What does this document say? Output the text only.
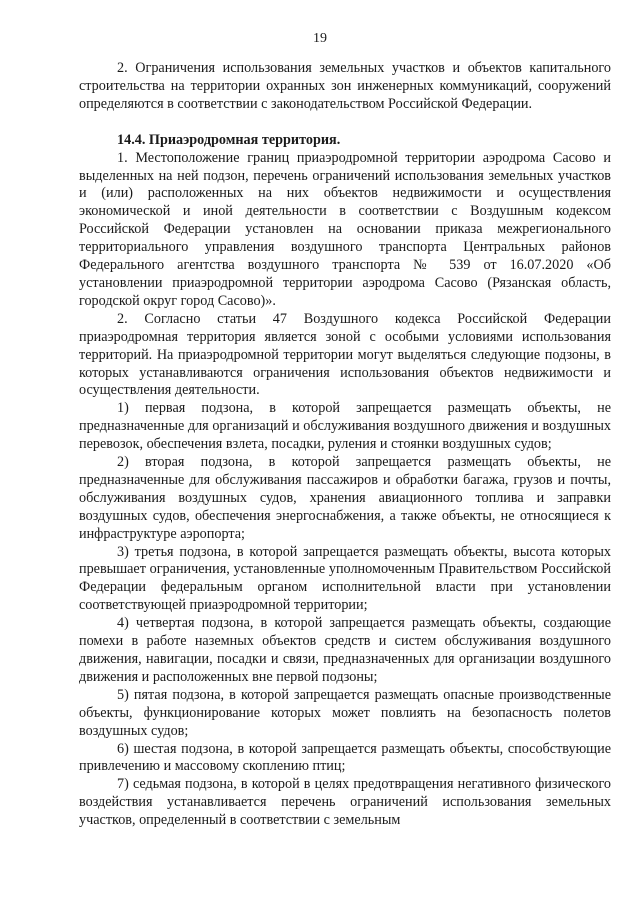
19

2. Ограничения использования земельных участков и объектов капитального строительства на территории охранных зон инженерных коммуникаций, сооружений определяются в соответствии с законодательством Российской Федерации.

14.4. Приаэродромная территория.

1. Местоположение границ приаэродромной территории аэродрома Сасово и выделенных на ней подзон, перечень ограничений использования земельных участков и (или) расположенных на них объектов недвижимости и осуществления экономической и иной деятельности в соответствии с Воздушным кодексом Российской Федерации установлен на основании приказа межрегионального территориального управления воздушного транспорта Центральных районов Федерального агентства воздушного транспорта № 539 от 16.07.2020 «Об установлении приаэродромной территории аэродрома Сасово (Рязанская область, городской округ город Сасово)».

2. Согласно статьи 47 Воздушного кодекса Российской Федерации приаэродромная территория является зоной с особыми условиями использования территорий. На приаэродромной территории могут выделяться следующие подзоны, в которых устанавливаются ограничения использования объектов недвижимости и осуществления деятельности.

1) первая подзона, в которой запрещается размещать объекты, не предназначенные для организаций и обслуживания воздушного движения и воздушных перевозок, обеспечения взлета, посадки, руления и стоянки воздушных судов;

2) вторая подзона, в которой запрещается размещать объекты, не предназначенные для обслуживания пассажиров и обработки багажа, грузов и почты, обслуживания воздушных судов, хранения авиационного топлива и заправки воздушных судов, обеспечения энергоснабжения, а также объекты, не относящиеся к инфраструктуре аэропорта;

3) третья подзона, в которой запрещается размещать объекты, высота которых превышает ограничения, установленные уполномоченным Правительством Российской Федерации федеральным органом исполнительной власти при установлении соответствующей приаэродромной территории;

4) четвертая подзона, в которой запрещается размещать объекты, создающие помехи в работе наземных объектов средств и систем обслуживания воздушного движения, навигации, посадки и связи, предназначенных для организации воздушного движения и расположенных вне первой подзоны;

5) пятая подзона, в которой запрещается размещать опасные производственные объекты, функционирование которых может повлиять на безопасность полетов воздушных судов;

6) шестая подзона, в которой запрещается размещать объекты, способствующие привлечению и массовому скоплению птиц;

7) седьмая подзона, в которой в целях предотвращения негативного физического воздействия устанавливается перечень ограничений использования земельных участков, определенный в соответствии с земельным
